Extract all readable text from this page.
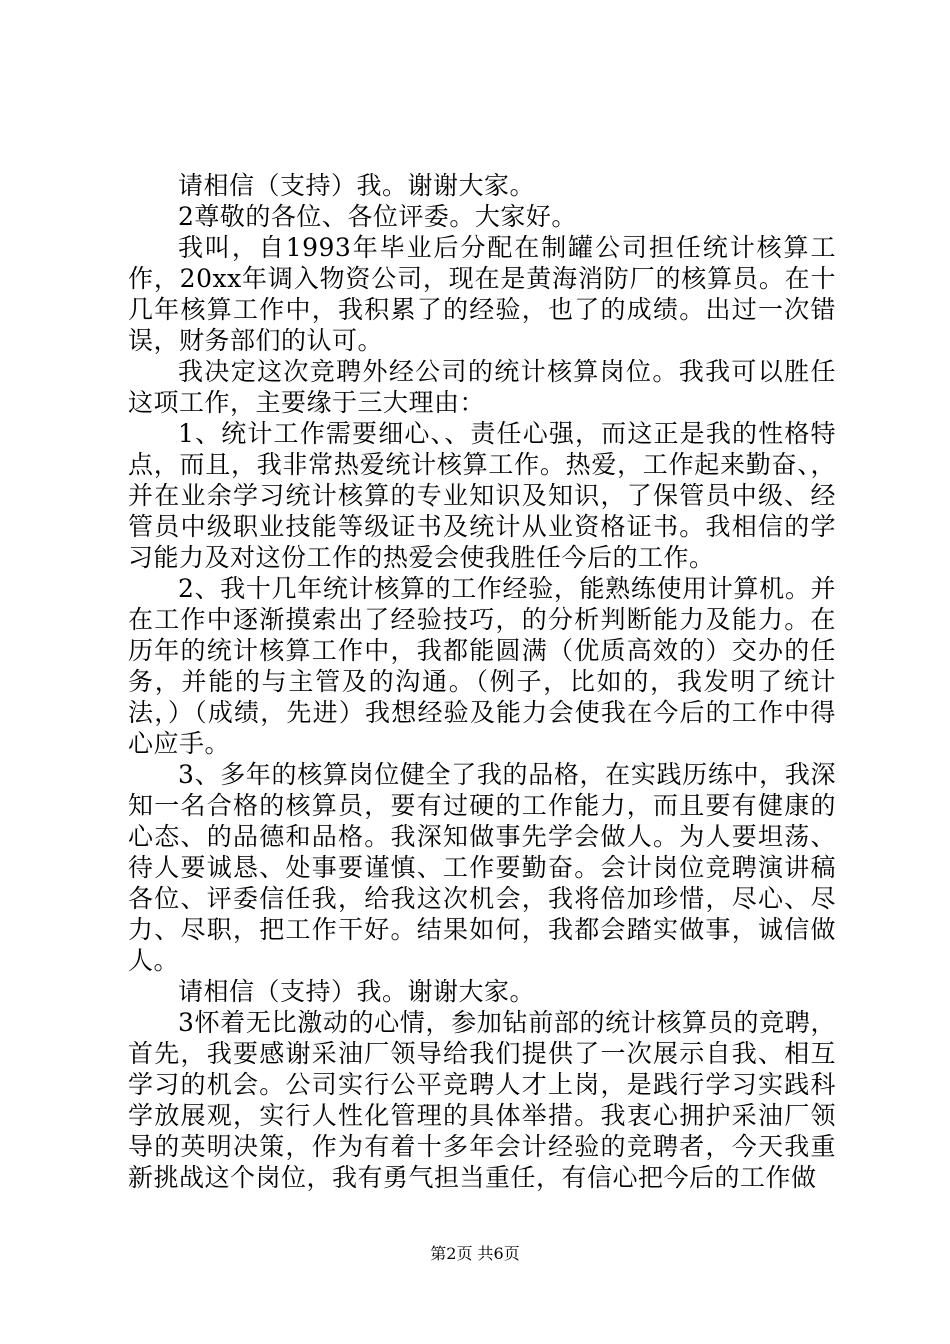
请相信（支持）我。谢谢大家。

2尊敬的各位、各位评委。大家好。

我叫，自1993年毕业后分配在制罐公司担任统计核算工作，20xx年调入物资公司，现在是黄海消防厂的核算员。在十几年核算工作中，我积累了的经验，也了的成绩。出过一次错误，财务部们的认可。

我决定这次竞聘外经公司的统计核算岗位。我我可以胜任这项工作，主要缘于三大理由：

1、统计工作需要细心、、责任心强，而这正是我的性格特点，而且，我非常热爱统计核算工作。热爱，工作起来勤奋、，并在业余学习统计核算的专业知识及知识，了保管员中级、经管员中级职业技能等级证书及统计从业资格证书。我相信的学习能力及对这份工作的热爱会使我胜任今后的工作。

2、我十几年统计核算的工作经验，能熟练使用计算机。并在工作中逐渐摸索出了经验技巧，的分析判断能力及能力。在历年的统计核算工作中，我都能圆满（优质高效的）交办的任务，并能的与主管及的沟通。（例子，比如的，我发明了统计法，）（成绩，先进）我想经验及能力会使我在今后的工作中得心应手。

3、多年的核算岗位健全了我的品格，在实践历练中，我深知一名合格的核算员，要有过硬的工作能力，而且要有健康的心态、的品德和品格。我深知做事先学会做人。为人要坦荡、待人要诚恳、处事要谨慎、工作要勤奋。会计岗位竞聘演讲稿各位、评委信任我，给我这次机会，我将倍加珍惜，尽心、尽力、尽职，把工作干好。结果如何，我都会踏实做事，诚信做人。

请相信（支持）我。谢谢大家。

3怀着无比激动的心情，参加钻前部的统计核算员的竞聘，首先，我要感谢采油厂领导给我们提供了一次展示自我、相互学习的机会。公司实行公平竞聘人才上岗，是践行学习实践科学放展观，实行人性化管理的具体举措。我衷心拥护采油厂领导的英明决策，作为有着十多年会计经验的竞聘者，今天我重新挑战这个岗位，我有勇气担当重任，有信心把今后的工作做

第2页 共6页
